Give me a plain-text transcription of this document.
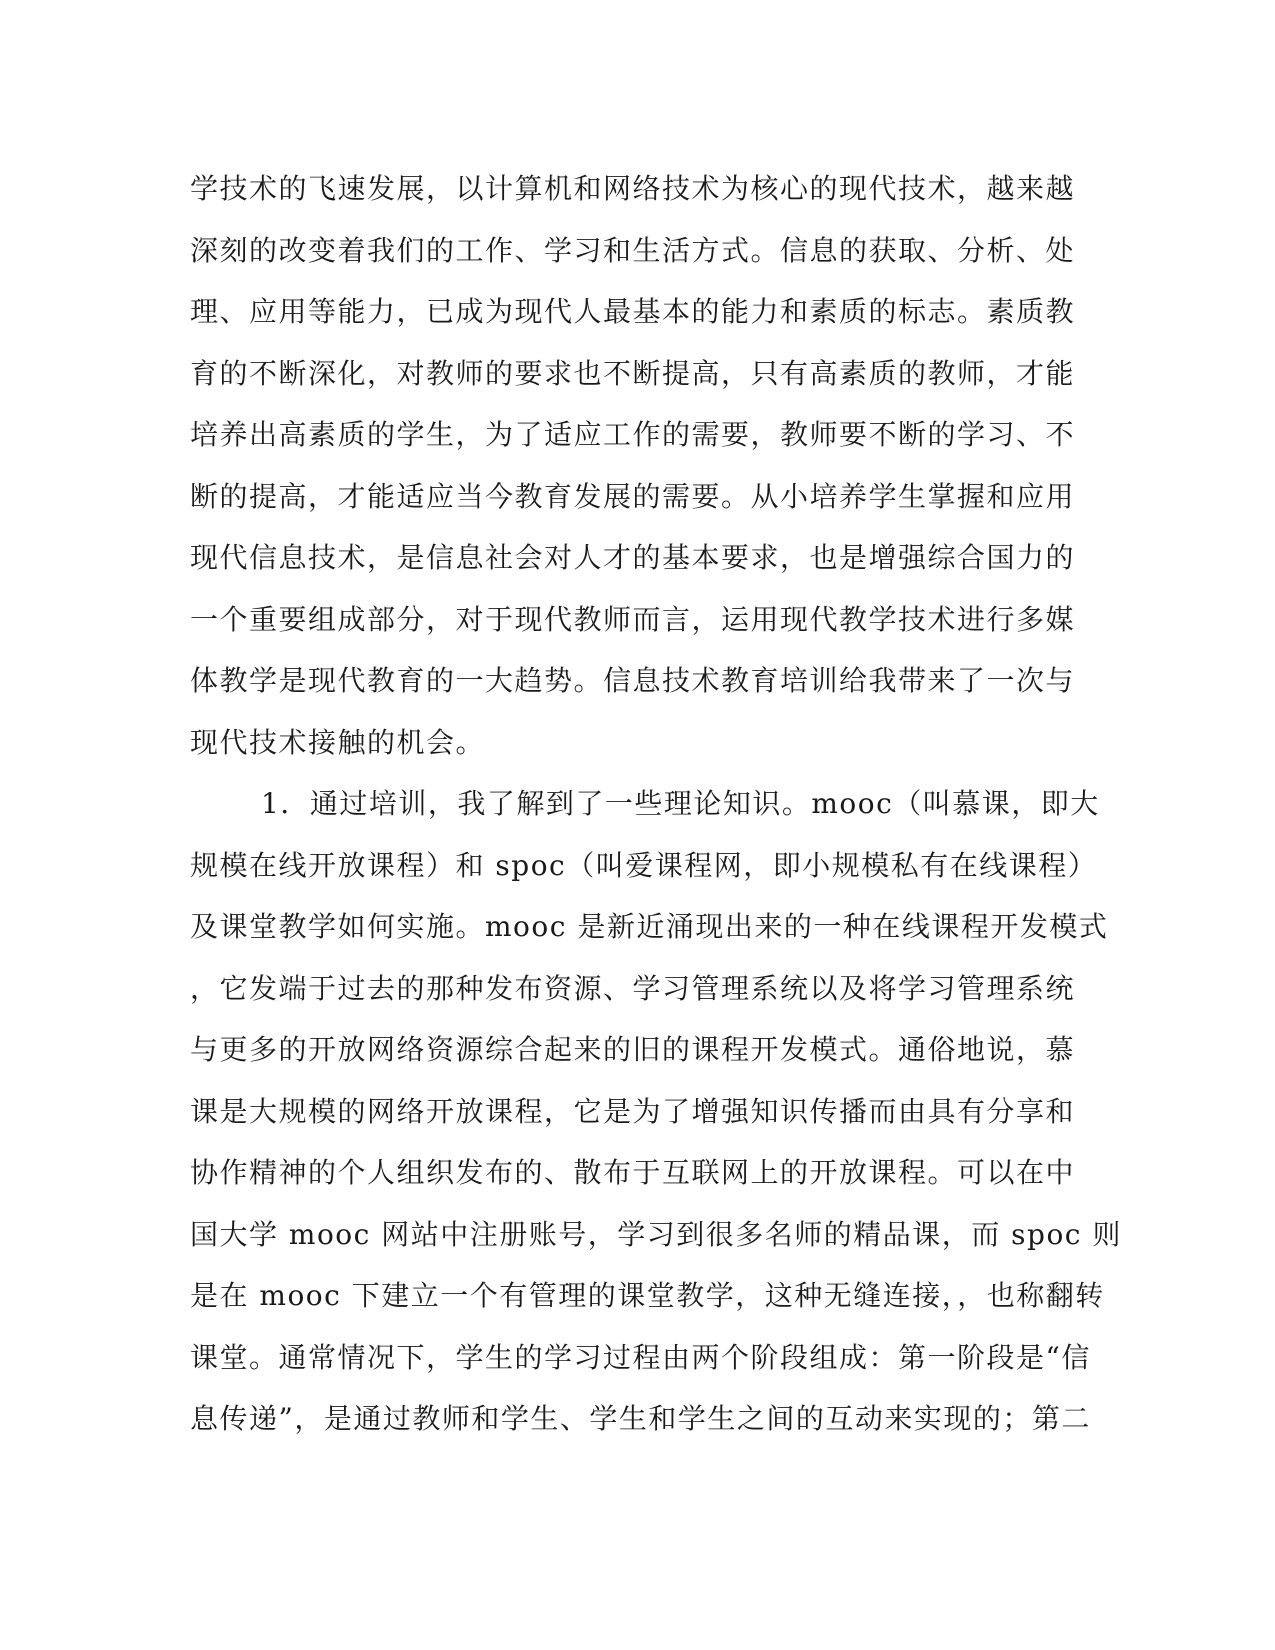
学技术的飞速发展，以计算机和网络技术为核心的现代技术，越来越
深刻的改变着我们的工作、学习和生活方式。信息的获取、分析、处
理、应用等能力，已成为现代人最基本的能力和素质的标志。素质教
育的不断深化，对教师的要求也不断提高，只有高素质的教师，才能
培养出高素质的学生，为了适应工作的需要，教师要不断的学习、不
断的提高，才能适应当今教育发展的需要。从小培养学生掌握和应用
现代信息技术，是信息社会对人才的基本要求，也是增强综合国力的
一个重要组成部分，对于现代教师而言，运用现代教学技术进行多媒
体教学是现代教育的一大趋势。信息技术教育培训给我带来了一次与
现代技术接触的机会。
1．通过培训，我了解到了一些理论知识。mooc（叫慕课，即大
规模在线开放课程）和 spoc（叫爱课程网，即小规模私有在线课程）
及课堂教学如何实施。mooc 是新近涌现出来的一种在线课程开发模式
，它发端于过去的那种发布资源、学习管理系统以及将学习管理系统
与更多的开放网络资源综合起来的旧的课程开发模式。通俗地说，慕
课是大规模的网络开放课程，它是为了增强知识传播而由具有分享和
协作精神的个人组织发布的、散布于互联网上的开放课程。可以在中
国大学 mooc 网站中注册账号，学习到很多名师的精品课，而 spoc 则
是在 mooc 下建立一个有管理的课堂教学，这种无缝连接，，也称翻转
课堂。通常情况下，学生的学习过程由两个阶段组成：第一阶段是“信
息传递”，是通过教师和学生、学生和学生之间的互动来实现的；第二
